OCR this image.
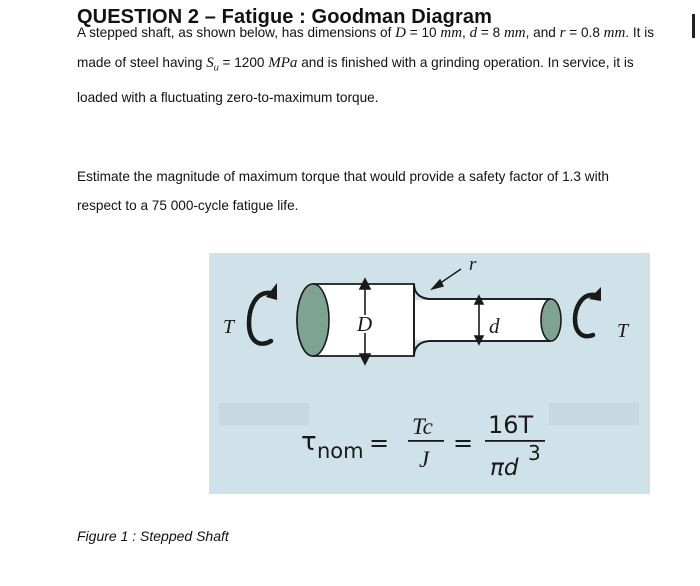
QUESTION 2 – Fatigue : Goodman Diagram
A stepped shaft, as shown below, has dimensions of D = 10 mm, d = 8 mm, and r = 0.8 mm. It is
made of steel having $S_u = 1200$ MPa and is finished with a grinding operation. In service, it is
loaded with a fluctuating zero-to-maximum torque.
Estimate the magnitude of maximum torque that would provide a safety factor of 1.3 with
respect to a 75 000-cycle fatigue life.
D	d
r
T	T
τ nom =
Tc
J
=
16T
πd
3
Figure 1 : Stepped Shaft
